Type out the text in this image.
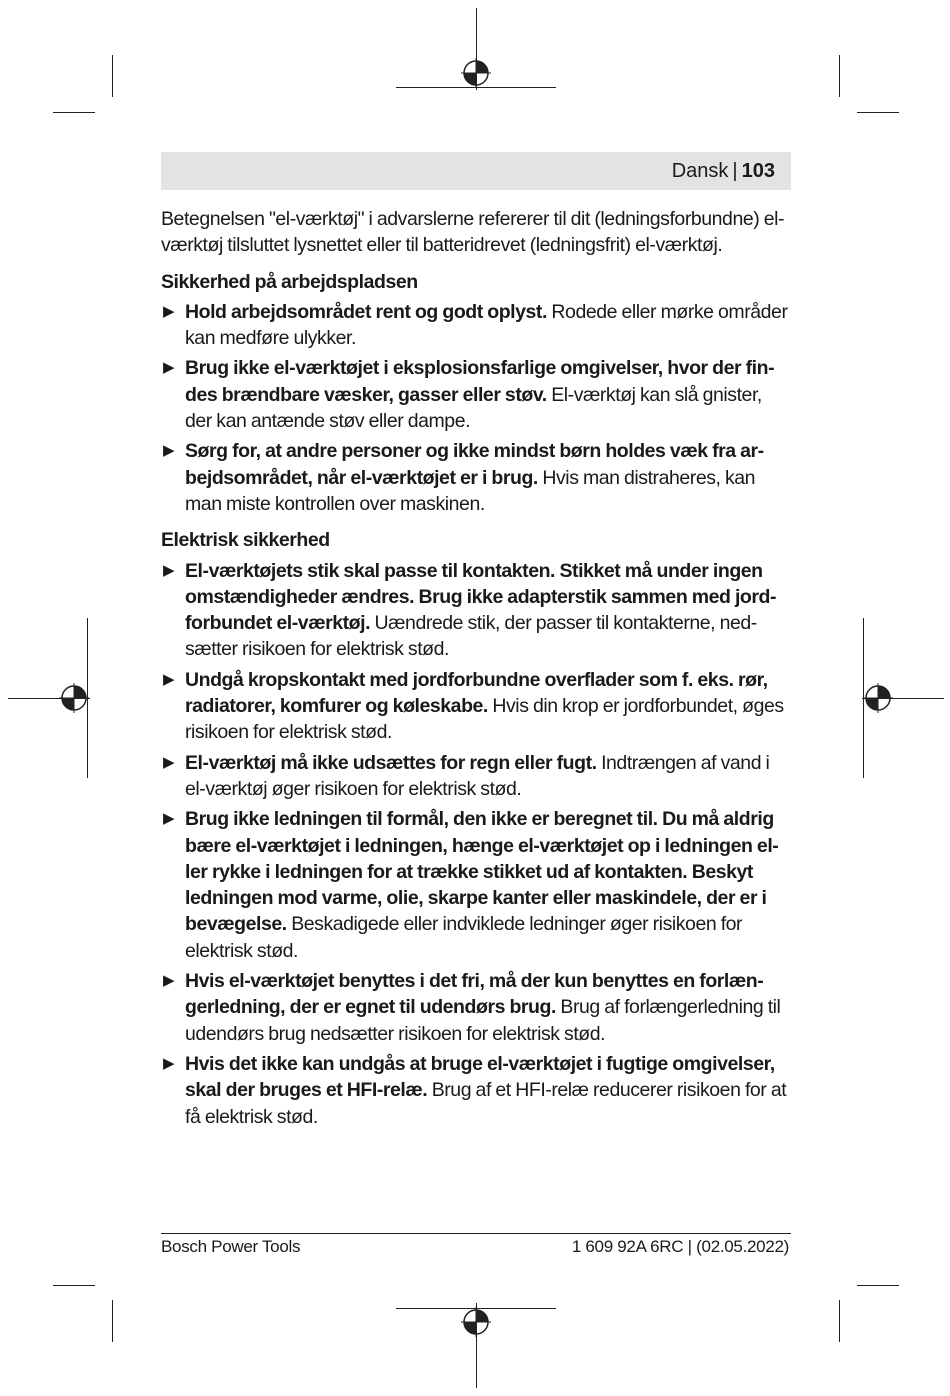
Dansk | 103

Betegnelsen "el-værktøj" i advarslerne refererer til dit (ledningsforbundne) el-værktøj tilsluttet lysnettet eller til batteridrevet (ledningsfrit) el-værktøj.

Sikkerhed på arbejdspladsen
▶ Hold arbejdsområdet rent og godt oplyst. Rodede eller mørke områder kan medføre ulykker.
▶ Brug ikke el-værktøjet i eksplosionsfarlige omgivelser, hvor der findes brændbare væsker, gasser eller støv. El-værktøj kan slå gnister, der kan antænde støv eller dampe.
▶ Sørg for, at andre personer og ikke mindst børn holdes væk fra arbejdsområdet, når el-værktøjet er i brug. Hvis man distraheres, kan man miste kontrollen over maskinen.
Elektrisk sikkerhed
▶ El-værktøjets stik skal passe til kontakten. Stikket må under ingen omstændigheder ændres. Brug ikke adapterstik sammen med jordforbundet el-værktøj. Uændrede stik, der passer til kontakterne, nedsætter risikoen for elektrisk stød.
▶ Undgå kropskontakt med jordforbundne overflader som f. eks. rør, radiatorer, komfurer og køleskabe. Hvis din krop er jordforbundet, øges risikoen for elektrisk stød.
▶ El-værktøj må ikke udsættes for regn eller fugt. Indtrængen af vand i el-værktøj øger risikoen for elektrisk stød.
▶ Brug ikke ledningen til formål, den ikke er beregnet til. Du må aldrig bære el-værktøjet i ledningen, hænge el-værktøjet op i ledningen eller rykke i ledningen for at trække stikket ud af kontakten. Beskyt ledningen mod varme, olie, skarpe kanter eller maskindele, der er i bevægelse. Beskadigede eller indviklede ledninger øger risikoen for elektrisk stød.
▶ Hvis el-værktøjet benyttes i det fri, må der kun benyttes en forlængerledning, der er egnet til udendørs brug. Brug af forlængerledning til udendørs brug nedsætter risikoen for elektrisk stød.
▶ Hvis det ikke kan undgås at bruge el-værktøjet i fugtige omgivelser, skal der bruges et HFI-relæ. Brug af et HFI-relæ reducerer risikoen for at få elektrisk stød.
Bosch Power Tools	1 609 92A 6RC | (02.05.2022)
